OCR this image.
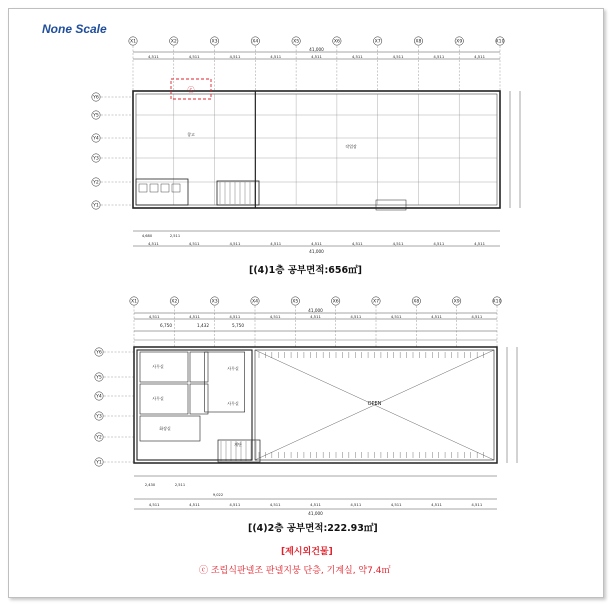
None Scale
X1	X2	X3	X4	X5	X6	X7	X8	X9	X10
41,000
4,511	4,511	4,511	4,511	4,511	4,511	4,511	4,511	4,511
Y6
Y5
Y4
Y3
Y2
Y1
ⓒ
창고
작업장
4,511	4,511	4,511	4,511	4,511	4,511	4,511	4,511	4,511
41,000
4,680	2,511
X1	X2	X3	X4	X5	X6	X7	X8	X9	X10
41,000
4,511	4,511	4,511	4,511	4,511	4,511	4,511	4,511	4,511
6,750	1,432	5,750
Y6
Y5
Y4
Y3
Y2
Y1
OPEN
사무실
사무실
사무실
사무실
화장실
계단
2,430	2,511
9,022
4,511	4,511	4,511	4,511	4,511	4,511	4,511	4,511	4,511
41,000
[(4)1층 공부면적:656㎡]
[(4)2층 공부면적:222.93㎡]
[제시외건물]
ⓒ 조립식판넬조 판넬지붕 단층, 기계실, 약7.4㎡
